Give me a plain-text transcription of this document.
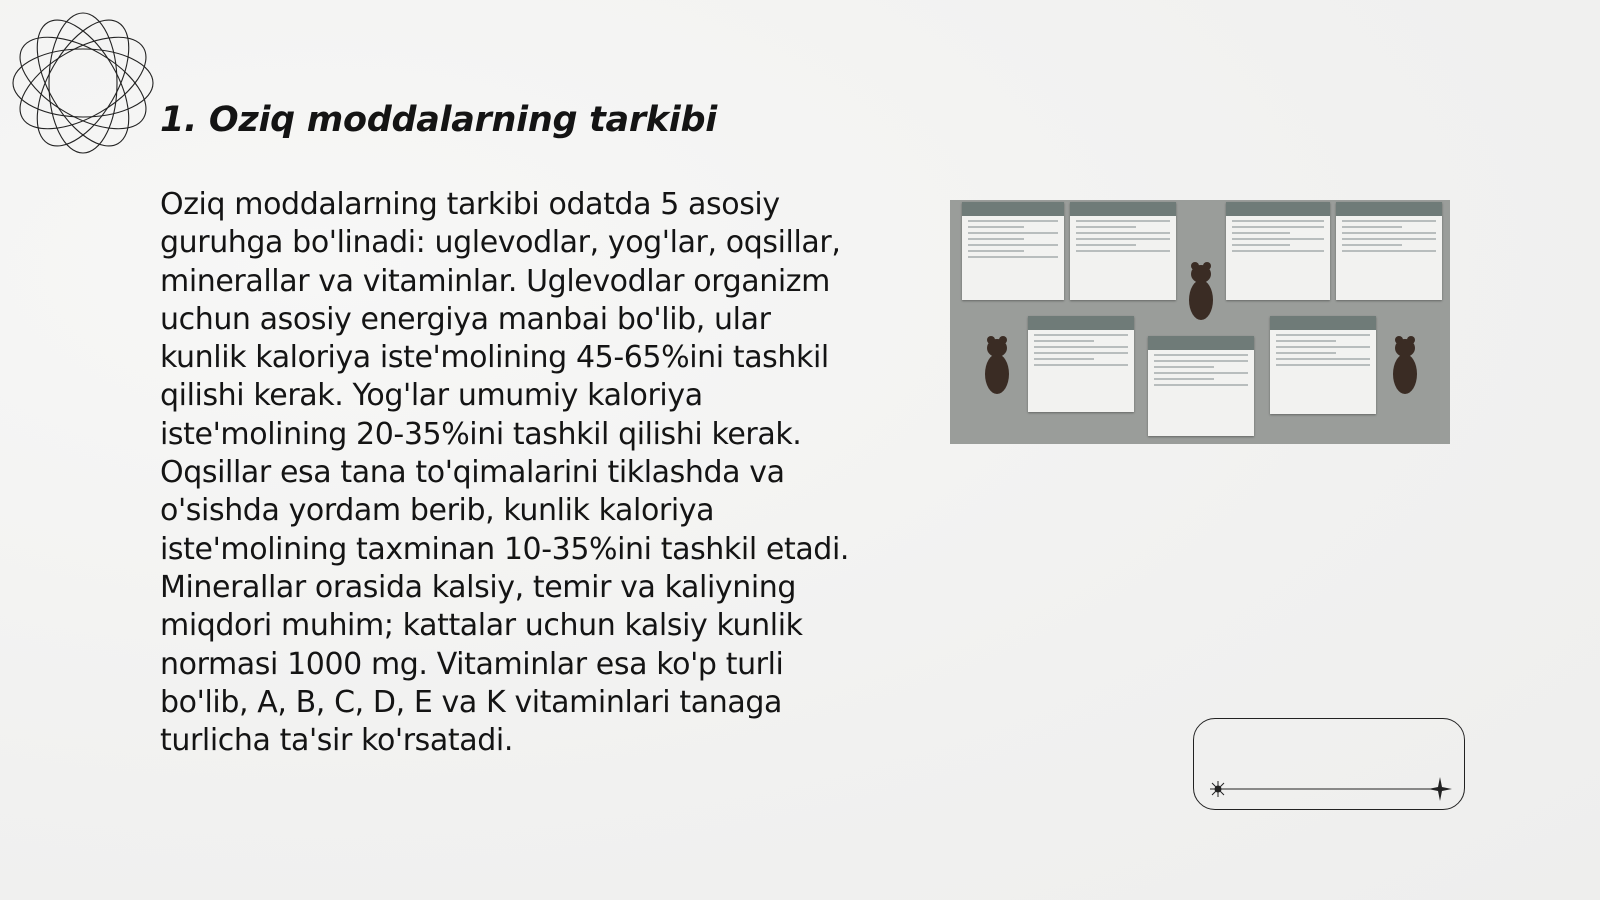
1. Oziq moddalarning tarkibi

Oziq moddalarning tarkibi odatda 5 asosiy guruhga bo'linadi: uglevodlar, yog'lar, oqsillar, minerallar va vitaminlar. Uglevodlar organizm uchun asosiy energiya manbai bo'lib, ular kunlik kaloriya iste'molining 45-65%ini tashkil qilishi kerak. Yog'lar umumiy kaloriya iste'molining 20-35%ini tashkil qilishi kerak. Oqsillar esa tana to'qimalarini tiklashda va o'sishda yordam berib, kunlik kaloriya iste'molining taxminan 10-35%ini tashkil etadi. Minerallar orasida kalsiy, temir va kaliyning miqdori muhim; kattalar uchun kalsiy kunlik normasi 1000 mg. Vitaminlar esa ko'p turli bo'lib, A, B, C, D, E va K vitaminlari tanaga turlicha ta'sir ko'rsatadi.
